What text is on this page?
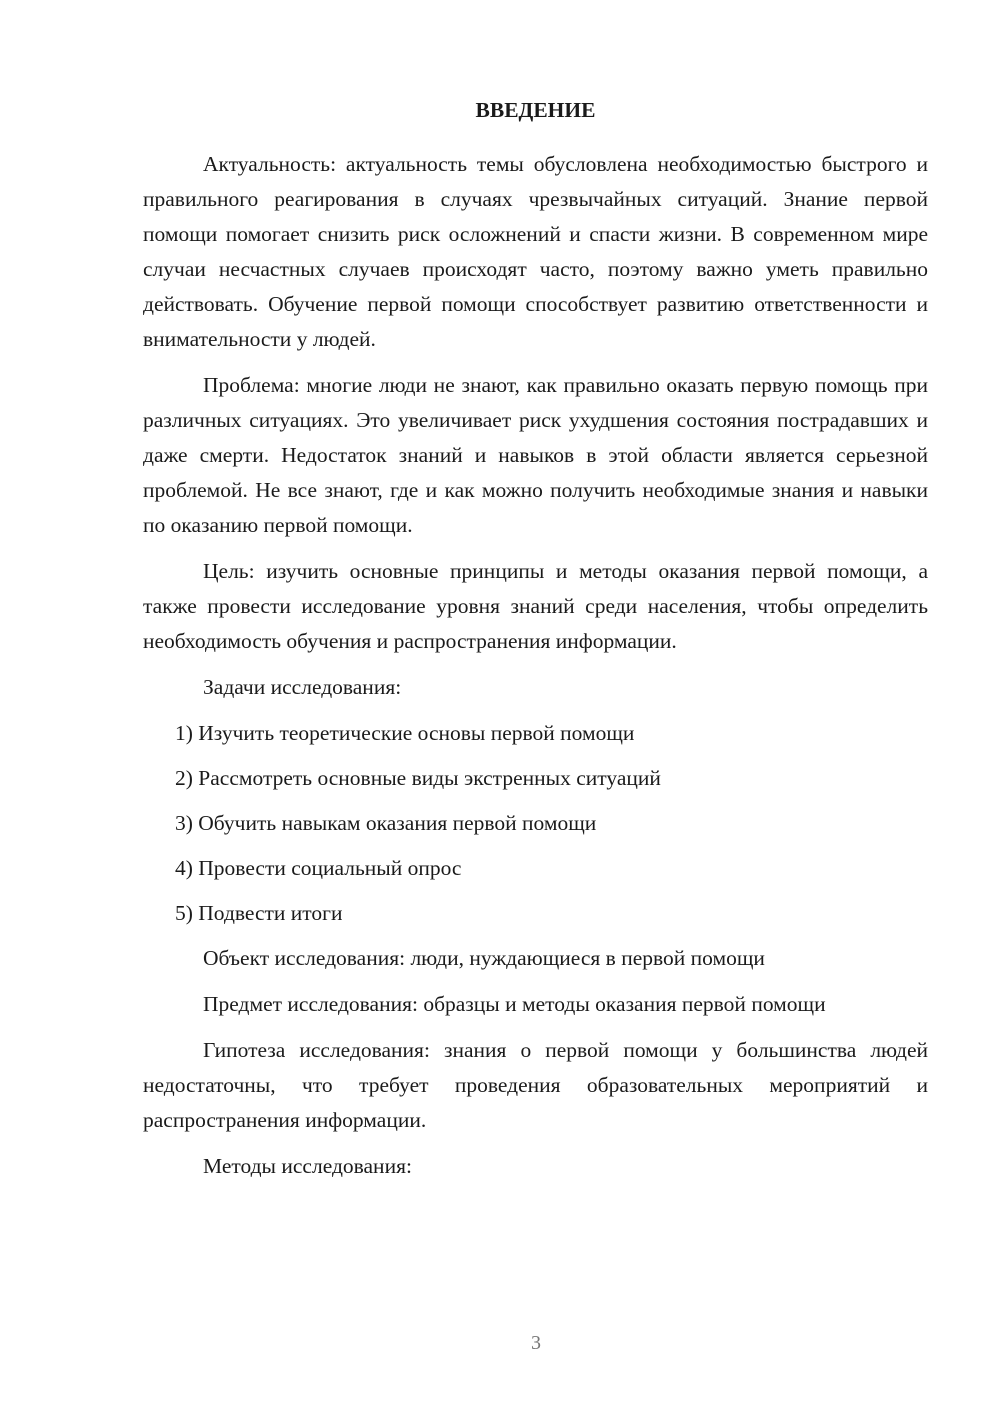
ВВЕДЕНИЕ

Актуальность: актуальность темы обусловлена необходимостью быстрого и правильного реагирования в случаях чрезвычайных ситуаций. Знание первой помощи помогает снизить риск осложнений и спасти жизни. В современном мире случаи несчастных случаев происходят часто, поэтому важно уметь правильно действовать. Обучение первой помощи способствует развитию ответственности и внимательности у людей.

Проблема: многие люди не знают, как правильно оказать первую помощь при различных ситуациях. Это увеличивает риск ухудшения состояния пострадавших и даже смерти. Недостаток знаний и навыков в этой области является серьезной проблемой. Не все знают, где и как можно получить необходимые знания и навыки по оказанию первой помощи.

Цель: изучить основные принципы и методы оказания первой помощи, а также провести исследование уровня знаний среди населения, чтобы определить необходимость обучения и распространения информации.

Задачи исследования:

1) Изучить теоретические основы первой помощи
2) Рассмотреть основные виды экстренных ситуаций
3) Обучить навыкам оказания первой помощи
4) Провести социальный опрос
5) Подвести итоги

Объект исследования: люди, нуждающиеся в первой помощи

Предмет исследования: образцы и методы оказания первой помощи

Гипотеза исследования: знания о первой помощи у большинства людей недостаточны, что требует проведения образовательных мероприятий и распространения информации.

Методы исследования:

3
